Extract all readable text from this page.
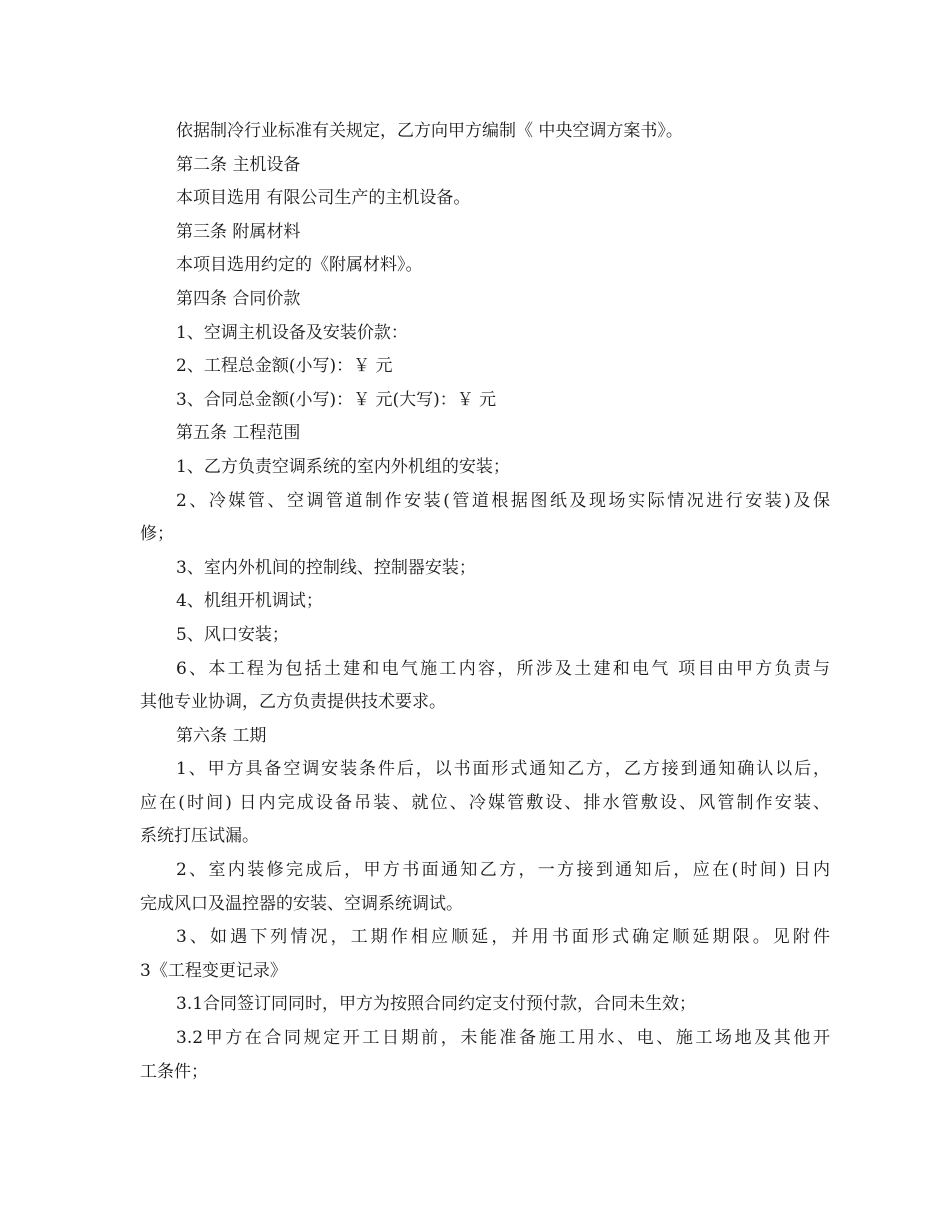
依据制冷行业标准有关规定，乙方向甲方编制《 中央空调方案书》。

第二条 主机设备

本项目选用 有限公司生产的主机设备。

第三条 附属材料

本项目选用约定的《附属材料》。

第四条 合同价款

1、空调主机设备及安装价款：

2、工程总金额(小写)：￥ 元

3、合同总金额(小写)：￥ 元(大写)：￥ 元

第五条 工程范围

1、乙方负责空调系统的室内外机组的安装；

2、冷媒管、空调管道制作安装(管道根据图纸及现场实际情况进行安装)及保

修；

3、室内外机间的控制线、控制器安装；

4、机组开机调试；

5、风口安装；

6、本工程为包括土建和电气施工内容，所涉及土建和电气 项目由甲方负责与

其他专业协调，乙方负责提供技术要求。

第六条 工期

1、甲方具备空调安装条件后，以书面形式通知乙方，乙方接到通知确认以后，

应在(时间) 日内完成设备吊装、就位、冷媒管敷设、排水管敷设、风管制作安装、

系统打压试漏。

2、室内装修完成后，甲方书面通知乙方，一方接到通知后，应在(时间) 日内

完成风口及温控器的安装、空调系统调试。

3、如遇下列情况，工期作相应顺延，并用书面形式确定顺延期限。见附件

3《工程变更记录》

3.1合同签订同同时，甲方为按照合同约定支付预付款，合同未生效；

3.2甲方在合同规定开工日期前，未能准备施工用水、电、施工场地及其他开

工条件；
